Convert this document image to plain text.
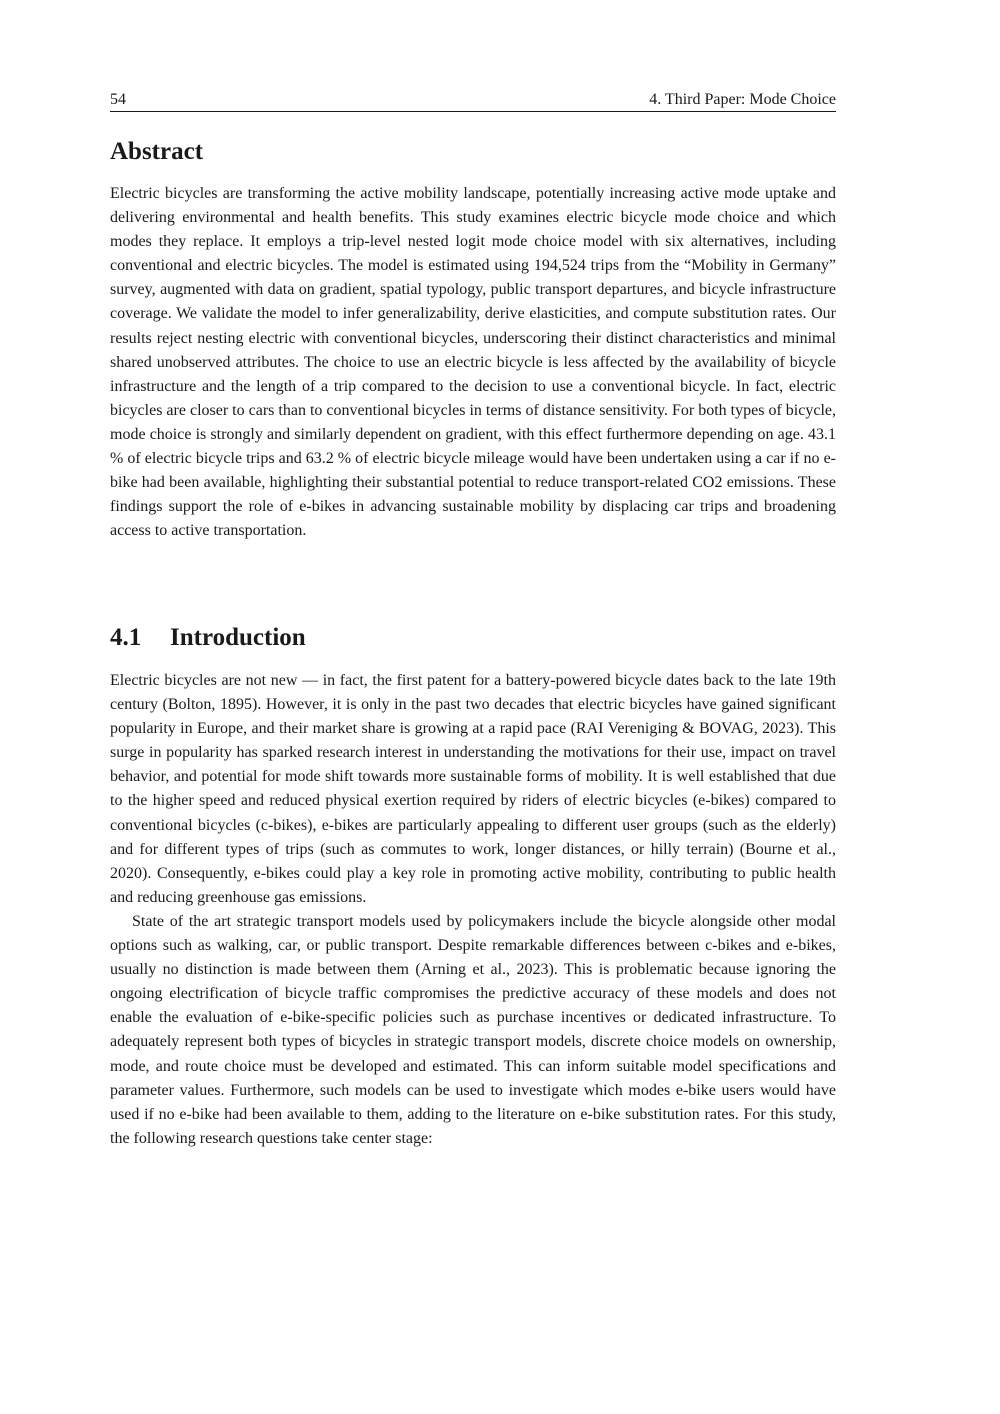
54	4. Third Paper: Mode Choice
Abstract

Electric bicycles are transforming the active mobility landscape, potentially increasing active mode uptake and delivering environmental and health benefits. This study examines electric bicycle mode choice and which modes they replace. It employs a trip-level nested logit mode choice model with six alternatives, including conventional and electric bicycles. The model is estimated using 194,524 trips from the “Mobility in Germany” survey, augmented with data on gradient, spatial typology, public transport departures, and bicycle infrastructure coverage. We validate the model to infer generalizability, derive elasticities, and compute substitution rates. Our results reject nesting electric with conventional bicycles, underscoring their distinct characteristics and minimal shared unobserved attributes. The choice to use an electric bicycle is less affected by the availability of bicycle infrastructure and the length of a trip compared to the decision to use a conventional bicycle. In fact, electric bicycles are closer to cars than to conventional bicycles in terms of distance sensitivity. For both types of bicycle, mode choice is strongly and similarly dependent on gradient, with this effect furthermore depending on age. 43.1 % of electric bicycle trips and 63.2 % of electric bicycle mileage would have been undertaken using a car if no e-bike had been available, highlighting their substantial potential to reduce transport-related CO2 emissions. These findings support the role of e-bikes in advancing sustainable mobility by displacing car trips and broadening access to active transportation.

4.1 Introduction

Electric bicycles are not new — in fact, the first patent for a battery-powered bicycle dates back to the late 19th century (Bolton, 1895). However, it is only in the past two decades that electric bicycles have gained significant popularity in Europe, and their market share is growing at a rapid pace (RAI Vereniging & BOVAG, 2023). This surge in popularity has sparked research interest in understanding the motivations for their use, impact on travel behavior, and potential for mode shift towards more sustainable forms of mobility. It is well established that due to the higher speed and reduced physical exertion required by riders of electric bicycles (e-bikes) compared to conventional bicycles (c-bikes), e-bikes are particularly appealing to different user groups (such as the elderly) and for different types of trips (such as commutes to work, longer distances, or hilly terrain) (Bourne et al., 2020). Consequently, e-bikes could play a key role in promoting active mobility, contributing to public health and reducing greenhouse gas emissions.

State of the art strategic transport models used by policymakers include the bicycle alongside other modal options such as walking, car, or public transport. Despite remarkable differences between c-bikes and e-bikes, usually no distinction is made between them (Arning et al., 2023). This is problematic because ignoring the ongoing electrification of bicycle traffic compromises the predictive accuracy of these models and does not enable the evaluation of e-bike-specific policies such as purchase incentives or dedicated infrastructure. To adequately represent both types of bicycles in strategic transport models, discrete choice models on ownership, mode, and route choice must be developed and estimated. This can inform suitable model specifications and parameter values. Furthermore, such models can be used to investigate which modes e-bike users would have used if no e-bike had been available to them, adding to the literature on e-bike substitution rates. For this study, the following research questions take center stage:
